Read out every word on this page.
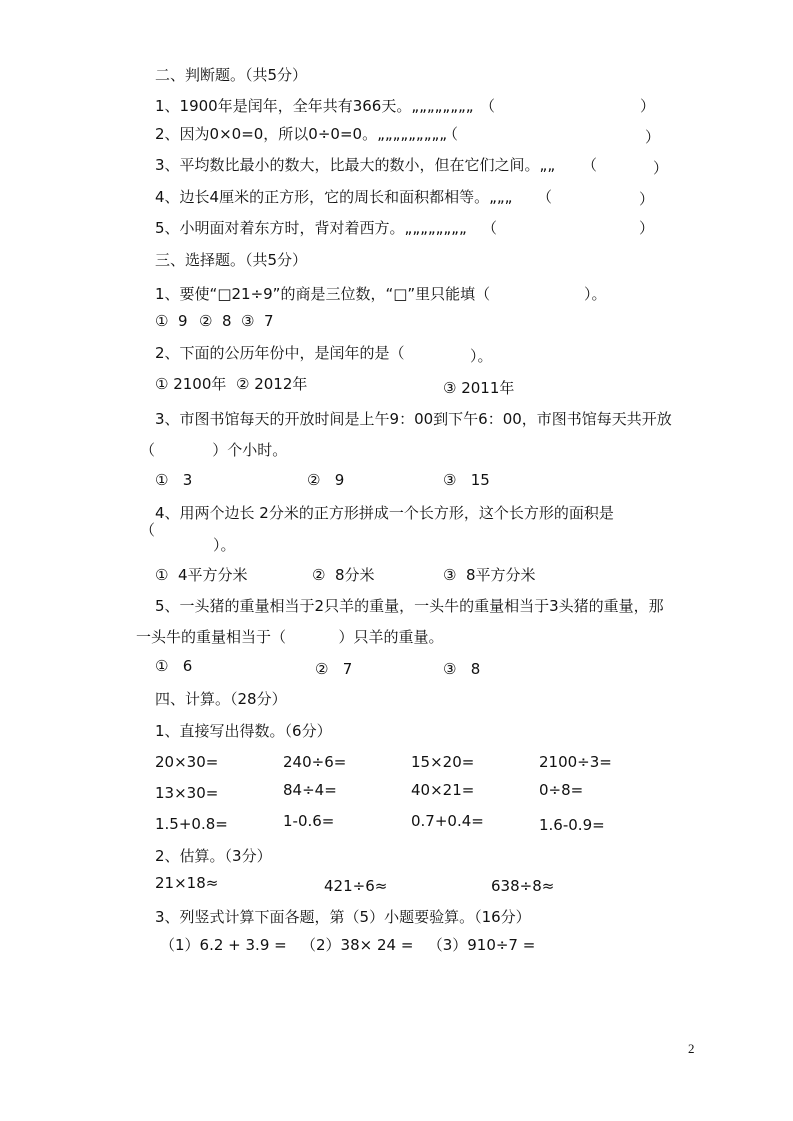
二、判断题。（共5分）
1、1900年是闰年，全年共有366天。„„„„„„„„ （	）
2、因为0×0=0，所以0÷0=0。„„„„„„„„„
（	）
3、平均数比最小的数大，比最大的数小，但在它们之间。„„ （	）
4、边长4厘米的正方形，它的周长和面积都相等。„„„ （	）
5、小明面对着东方时，背对着西方。„„„„„„„„ （	）
三、选择题。（共5分）
1、要使“□21÷9”的商是三位数，“□”里只能填（	）。
①  9 ②  8 ③  7
2、下面的公历年份中，是闰年的是（	）。
① 2100年 ② 2012年	③ 2011年
3、市图书馆每天的开放时间是上午9：00到下午6：00，市图书馆每天共开放
（            ）个小时。
①   3	②   9	③   15
4、用两个边长 2分米的正方形拼成一个长方形，这个长方形的面积是
（
）。
①  4平方分米	②  8分米	③  8平方分米
5、一头猪的重量相当于2只羊的重量，一头牛的重量相当于3头猪的重量，那
一头牛的重量相当于（           ）只羊的重量。
①   6	②   7	③   8
四、计算。（28分）
1、直接写出得数。（6分）
20×30=	240÷6=	15×20=	2100÷3=
13×30=	84÷4=	40×21=	0÷8=
1.5+0.8=	1-0.6=	0.7+0.4=	1.6-0.9=
2、估算。（3分）
21×18≈	421÷6≈	638÷8≈
3、列竖式计算下面各题，第（5）小题要验算。（16分）
（1）6.2 + 3.9 =   （2）38× 24 =   （3）910÷7 =
2
